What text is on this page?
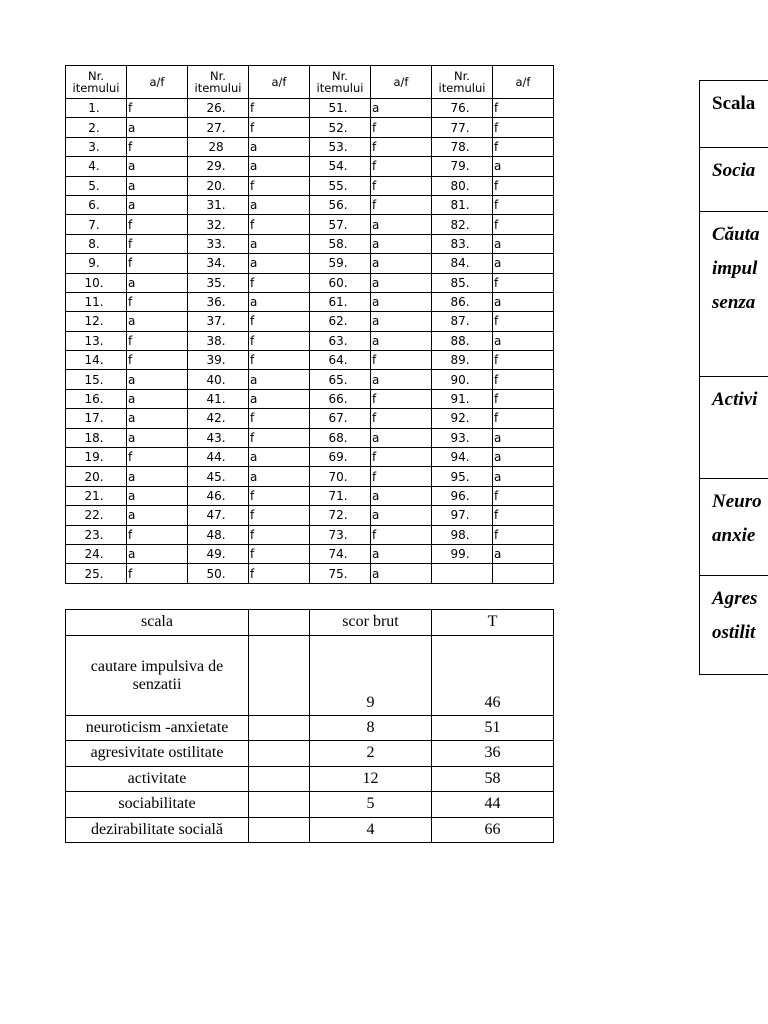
Nr. itemului	a/f	Nr. itemului	a/f	Nr. itemului	a/f	Nr. itemului	a/f
1.	f	26.	f	51.	a	76.	f
2.	a	27.	f	52.	f	77.	f
3.	f	28	a	53.	f	78.	f
4.	a	29.	a	54.	f	79.	a
5.	a	20.	f	55.	f	80.	f
6.	a	31.	a	56.	f	81.	f
7.	f	32.	f	57.	a	82.	f
8.	f	33.	a	58.	a	83.	a
9.	f	34.	a	59.	a	84.	a
10.	a	35.	f	60.	a	85.	f
11.	f	36.	a	61.	a	86.	a
12.	a	37.	f	62.	a	87.	f
13.	f	38.	f	63.	a	88.	a
14.	f	39.	f	64.	f	89.	f
15.	a	40.	a	65.	a	90.	f
16.	a	41.	a	66.	f	91.	f
17.	a	42.	f	67.	f	92.	f
18.	a	43.	f	68.	a	93.	a
19.	f	44.	a	69.	f	94.	a
20.	a	45.	a	70.	f	95.	a
21.	a	46.	f	71.	a	96.	f
22.	a	47.	f	72.	a	97.	f
23.	f	48.	f	73.	f	98.	f
24.	a	49.	f	74.	a	99.	a
25.	f	50.	f	75.	a		
scala		scor brut	T
cautare impulsiva de senzatii		9	46
neuroticism -anxietate		8	51
agresivitate ostilitate		2	36
activitate		12	58
sociabilitate		5	44
dezirabilitate socială		4	66
Scala

Socia

Căuta
impul
senza

Activi

Neuro
anxie

Agres
ostilit
